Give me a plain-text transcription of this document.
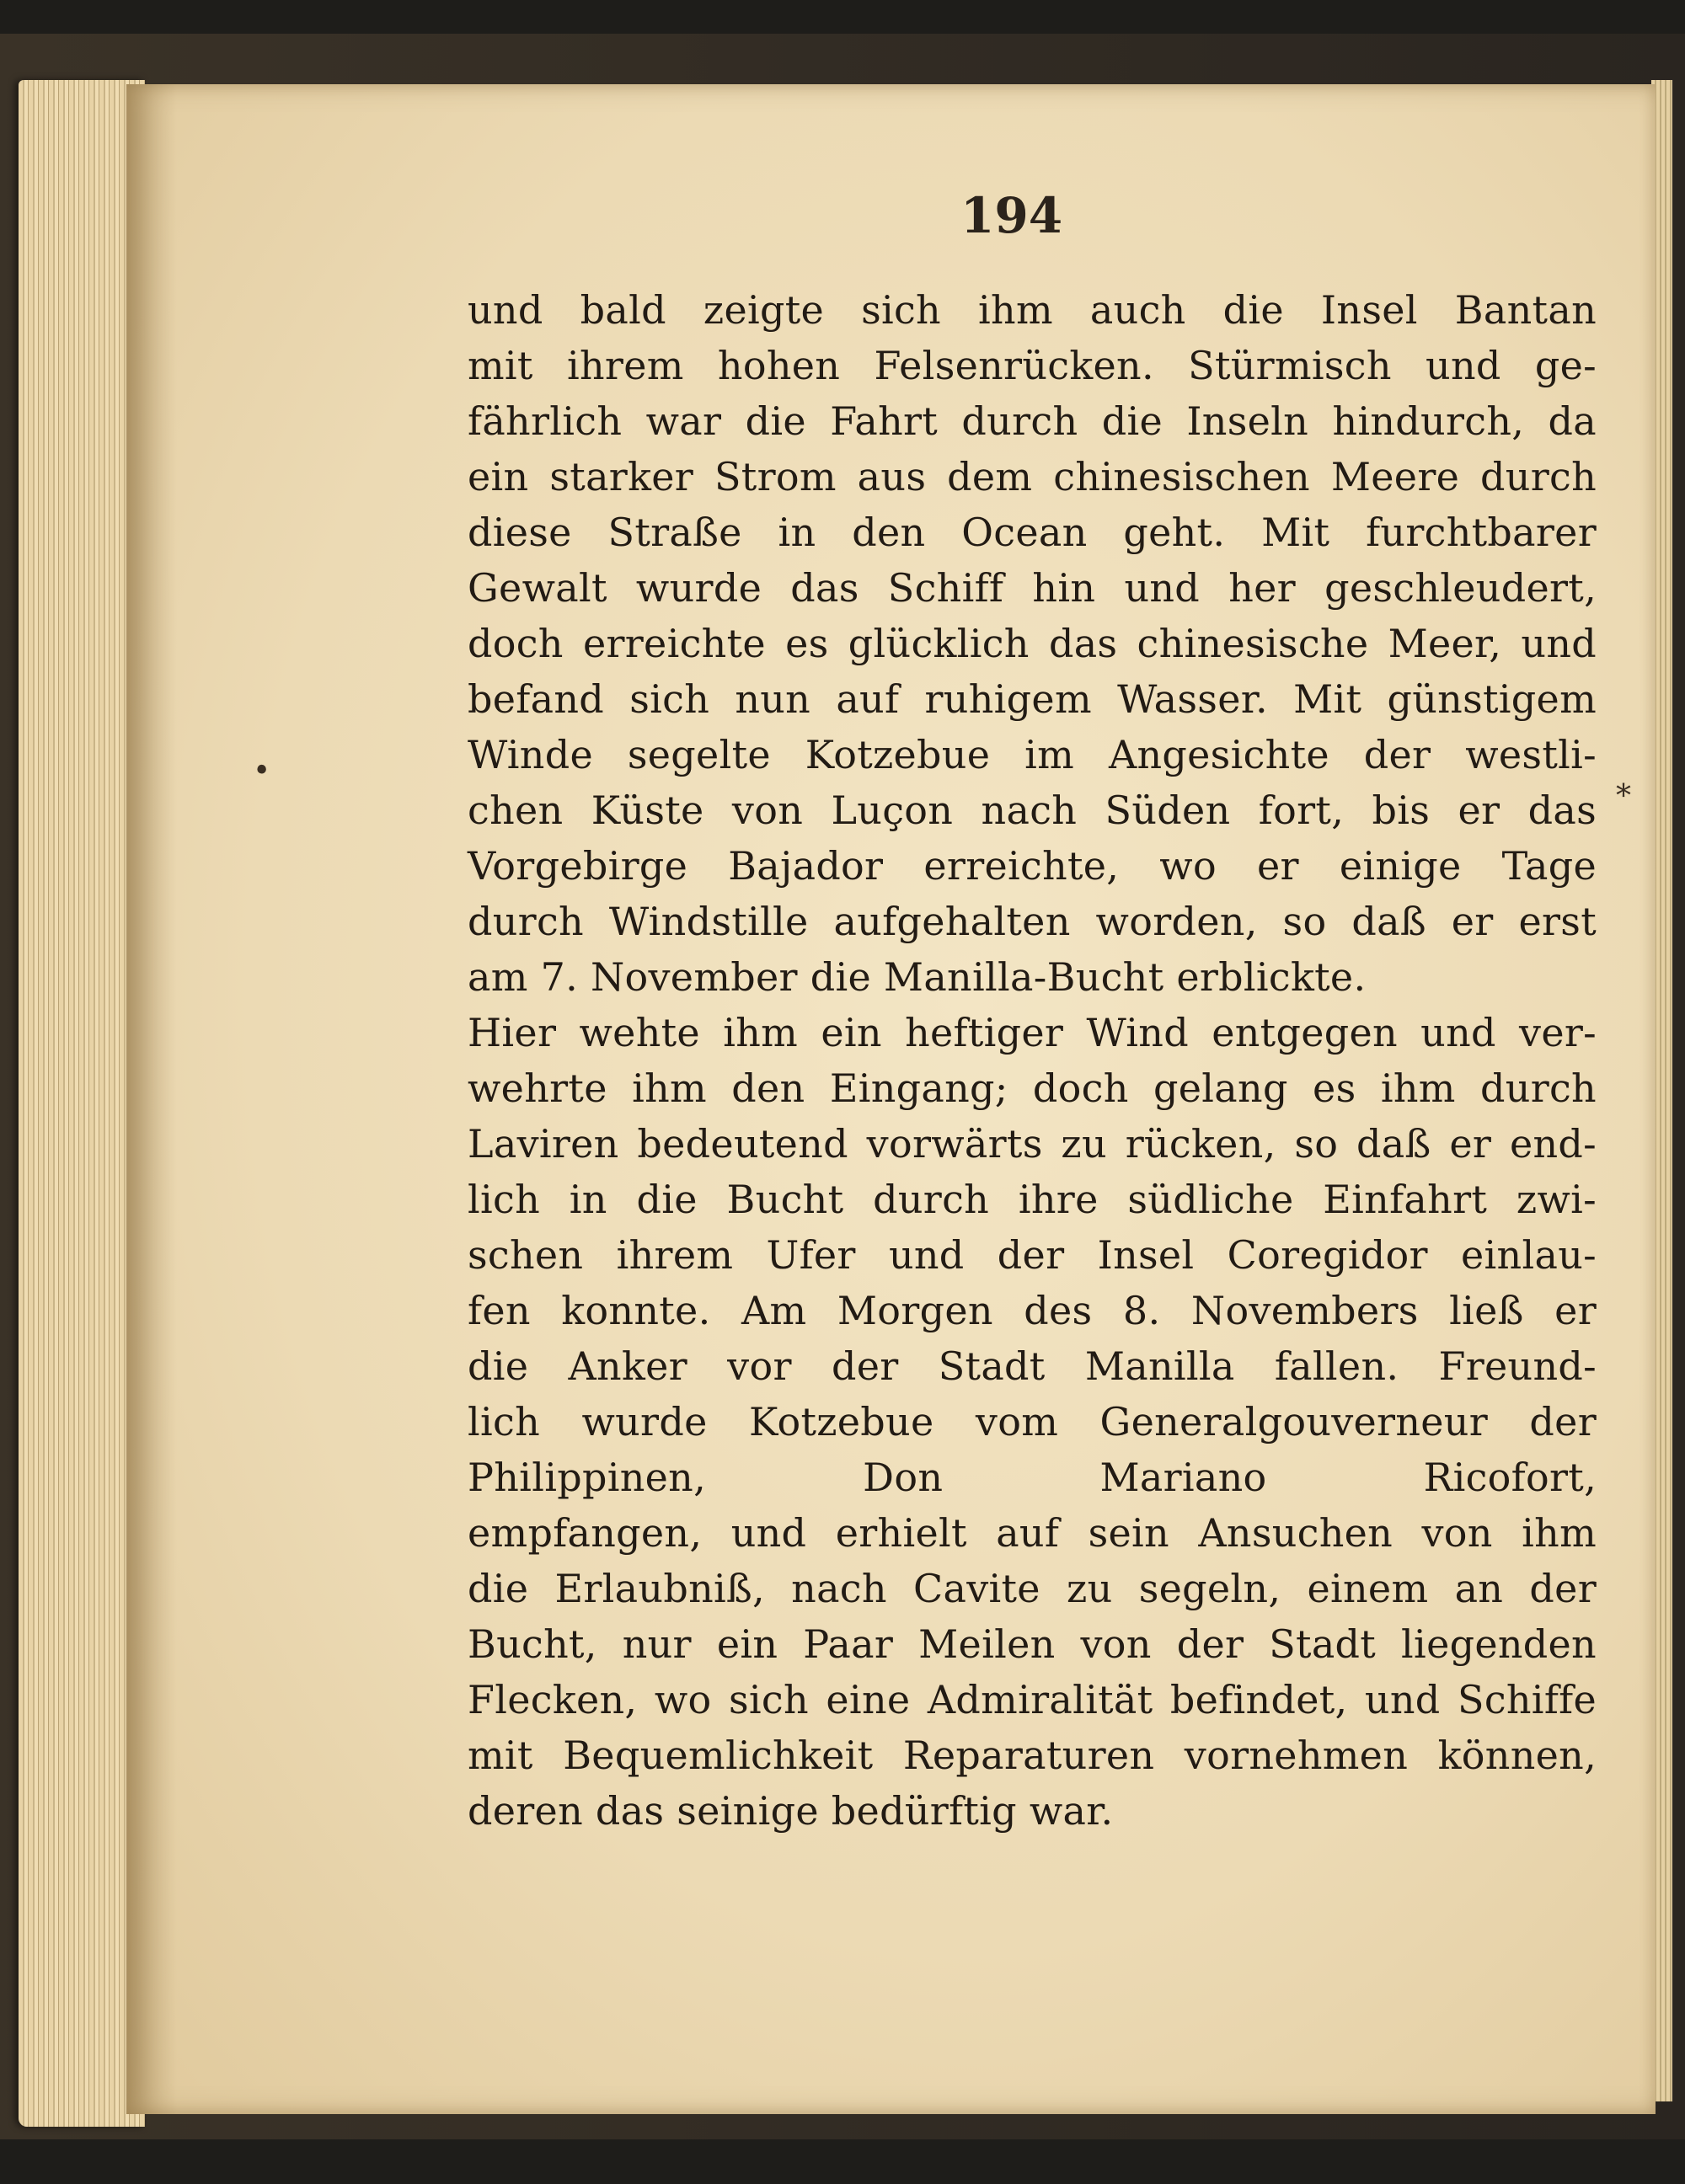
194
und bald zeigte sich ihm auch die Insel Bantan
mit ihrem hohen Felsenrücken. Stürmisch und ge-
fährlich war die Fahrt durch die Inseln hindurch, da
ein starker Strom aus dem chinesischen Meere durch
diese Straße in den Ocean geht. Mit furchtbarer
Gewalt wurde das Schiff hin und her geschleudert,
doch erreichte es glücklich das chinesische Meer, und
befand sich nun auf ruhigem Wasser. Mit günstigem
Winde segelte Kotzebue im Angesichte der westli-
chen Küste von Luçon nach Süden fort, bis er das
Vorgebirge Bajador erreichte, wo er einige Tage
durch Windstille aufgehalten worden, so daß er erst
am 7. November die Manilla-Bucht erblickte.
Hier wehte ihm ein heftiger Wind entgegen und ver-
wehrte ihm den Eingang; doch gelang es ihm durch
Laviren bedeutend vorwärts zu rücken, so daß er end-
lich in die Bucht durch ihre südliche Einfahrt zwi-
schen ihrem Ufer und der Insel Coregidor einlau-
fen konnte. Am Morgen des 8. Novembers ließ er
die Anker vor der Stadt Manilla fallen. Freund-
lich wurde Kotzebue vom Generalgouverneur der
Philippinen, Don Mariano Ricofort,
empfangen, und erhielt auf sein Ansuchen von ihm
die Erlaubniß, nach Cavite zu segeln, einem an der
Bucht, nur ein Paar Meilen von der Stadt liegenden
Flecken, wo sich eine Admiralität befindet, und Schiffe
mit Bequemlichkeit Reparaturen vornehmen können,
deren das seinige bedürftig war.
•
*
